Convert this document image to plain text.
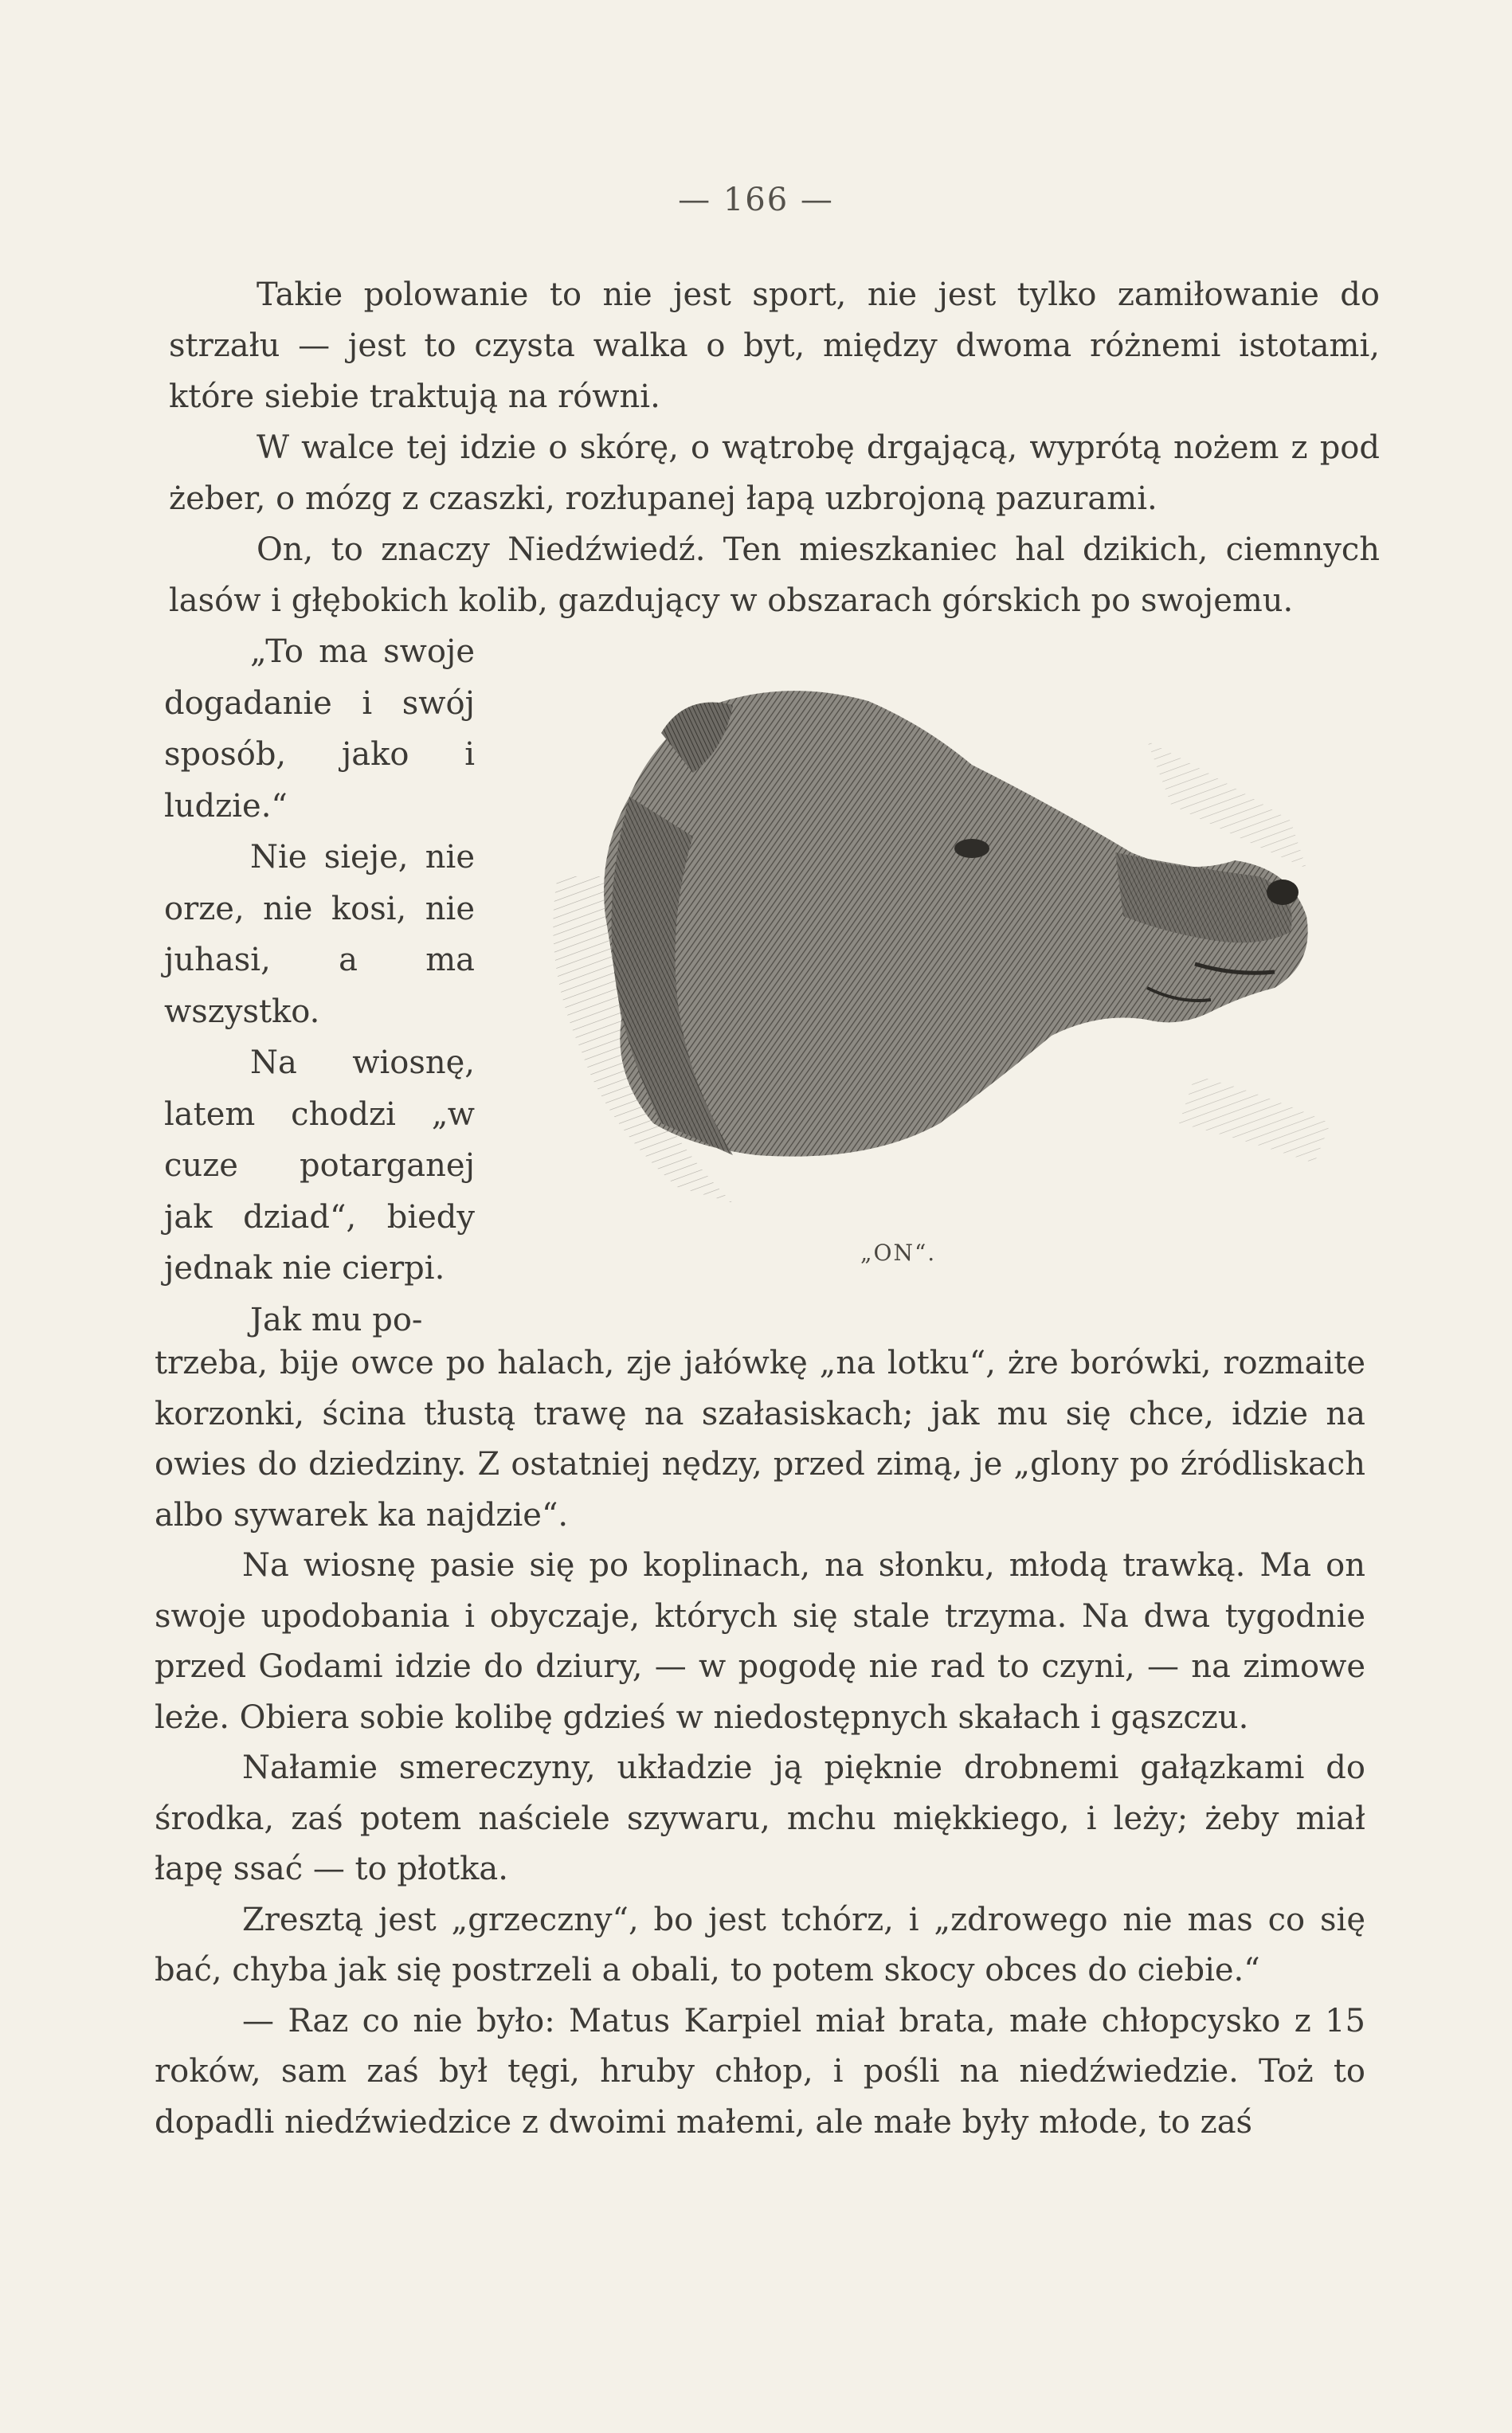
— 166 —

Takie polowanie to nie jest sport, nie jest tylko zamiłowanie do strzału — jest to czysta walka o byt, między dwoma różnemi istotami, które siebie traktują na równi.

W walce tej idzie o skórę, o wątrobę drgającą, wyprótą nożem z pod żeber, o mózg z czaszki, rozłupanej łapą uzbrojoną pazurami.

On, to znaczy Niedźwiedź. Ten mieszkaniec hal dzikich, ciemnych lasów i głębokich kolib, gazdujący w obszarach górskich po swojemu.

„To ma swoje dogadanie i swój sposób, jako i ludzie.“

Nie sieje, nie orze, nie kosi, nie juhasi, a ma wszystko.

Na wiosnę, latem chodzi „w cuze potarganej jak dziad“, biedy jednak nie cierpi.

Jak mu po-

„ON“.

trzeba, bije owce po halach, zje jałówkę „na lotku“, żre borówki, rozmaite korzonki, ścina tłustą trawę na szałasiskach; jak mu się chce, idzie na owies do dziedziny. Z ostatniej nędzy, przed zimą, je „glony po źródliskach albo sywarek ka najdzie“.

Na wiosnę pasie się po koplinach, na słonku, młodą trawką. Ma on swoje upodobania i obyczaje, których się stale trzyma. Na dwa tygodnie przed Godami idzie do dziury, — w pogodę nie rad to czyni, — na zimowe leże. Obiera sobie kolibę gdzieś w niedostępnych skałach i gąszczu.

Nałamie smereczyny, układzie ją pięknie drobnemi gałązkami do środka, zaś potem naściele szywaru, mchu miękkiego, i leży; żeby miał łapę ssać — to płotka.

Zresztą jest „grzeczny“, bo jest tchórz, i „zdrowego nie mas co się bać, chyba jak się postrzeli a obali, to potem skocy obces do ciebie.“

— Raz co nie było: Matus Karpiel miał brata, małe chłopcysko z 15 roków, sam zaś był tęgi, hruby chłop, i pośli na niedźwiedzie. Toż to dopadli niedźwiedzice z dwoimi małemi, ale małe były młode, to zaś
